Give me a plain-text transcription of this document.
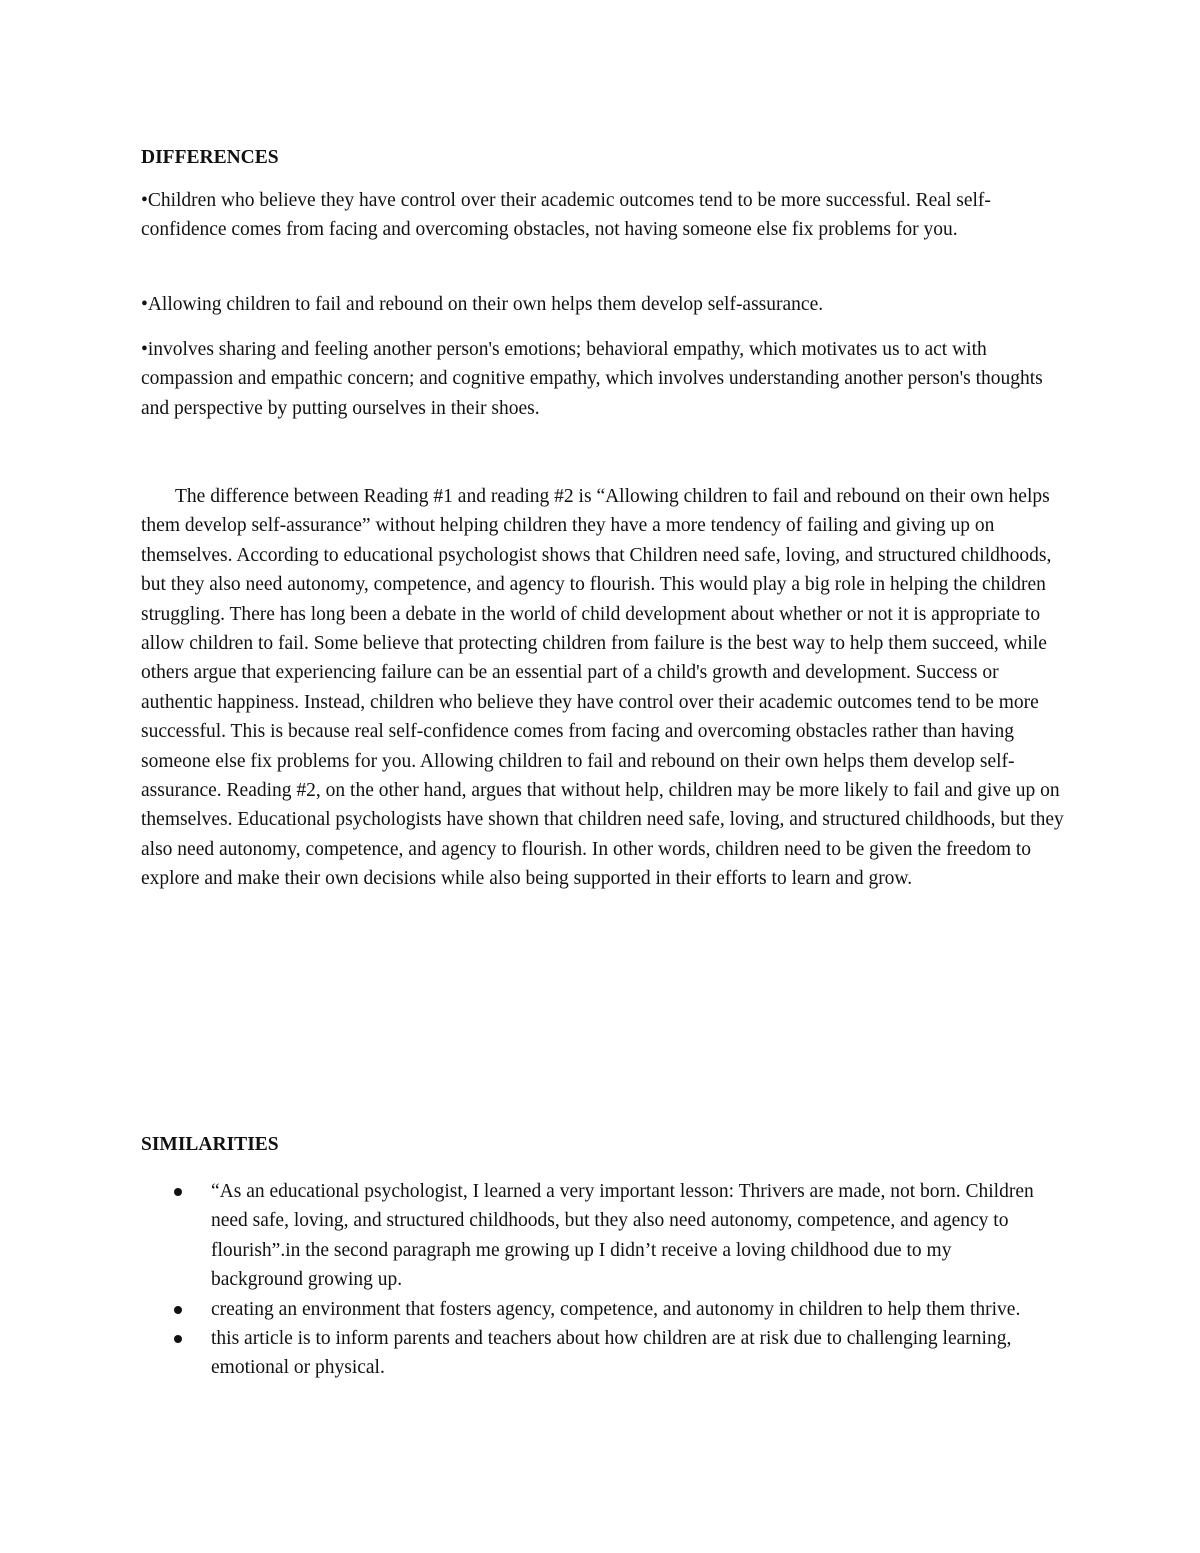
DIFFERENCES

•Children who believe they have control over their academic outcomes tend to be more successful. Real self-confidence comes from facing and overcoming obstacles, not having someone else fix problems for you.

•Allowing children to fail and rebound on their own helps them develop self-assurance.

•involves sharing and feeling another person's emotions; behavioral empathy, which motivates us to act with compassion and empathic concern; and cognitive empathy, which involves understanding another person's thoughts and perspective by putting ourselves in their shoes.

The difference between Reading #1 and reading #2 is “Allowing children to fail and rebound on their own helps them develop self-assurance” without helping children they have a more tendency of failing and giving up on themselves. According to educational psychologist shows that Children need safe, loving, and structured childhoods, but they also need autonomy, competence, and agency to flourish. This would play a big role in helping the children struggling. There has long been a debate in the world of child development about whether or not it is appropriate to allow children to fail. Some believe that protecting children from failure is the best way to help them succeed, while others argue that experiencing failure can be an essential part of a child's growth and development. Success or authentic happiness. Instead, children who believe they have control over their academic outcomes tend to be more successful. This is because real self-confidence comes from facing and overcoming obstacles rather than having someone else fix problems for you. Allowing children to fail and rebound on their own helps them develop self-assurance. Reading #2, on the other hand, argues that without help, children may be more likely to fail and give up on themselves. Educational psychologists have shown that children need safe, loving, and structured childhoods, but they also need autonomy, competence, and agency to flourish. In other words, children need to be given the freedom to explore and make their own decisions while also being supported in their efforts to learn and grow.

SIMILARITIES
“As an educational psychologist, I learned a very important lesson: Thrivers are made, not born. Children need safe, loving, and structured childhoods, but they also need autonomy, competence, and agency to flourish”.in the second paragraph me growing up I didn’t receive a loving childhood due to my background growing up.
creating an environment that fosters agency, competence, and autonomy in children to help them thrive.
this article is to inform parents and teachers about how children are at risk due to challenging learning, emotional or physical.
